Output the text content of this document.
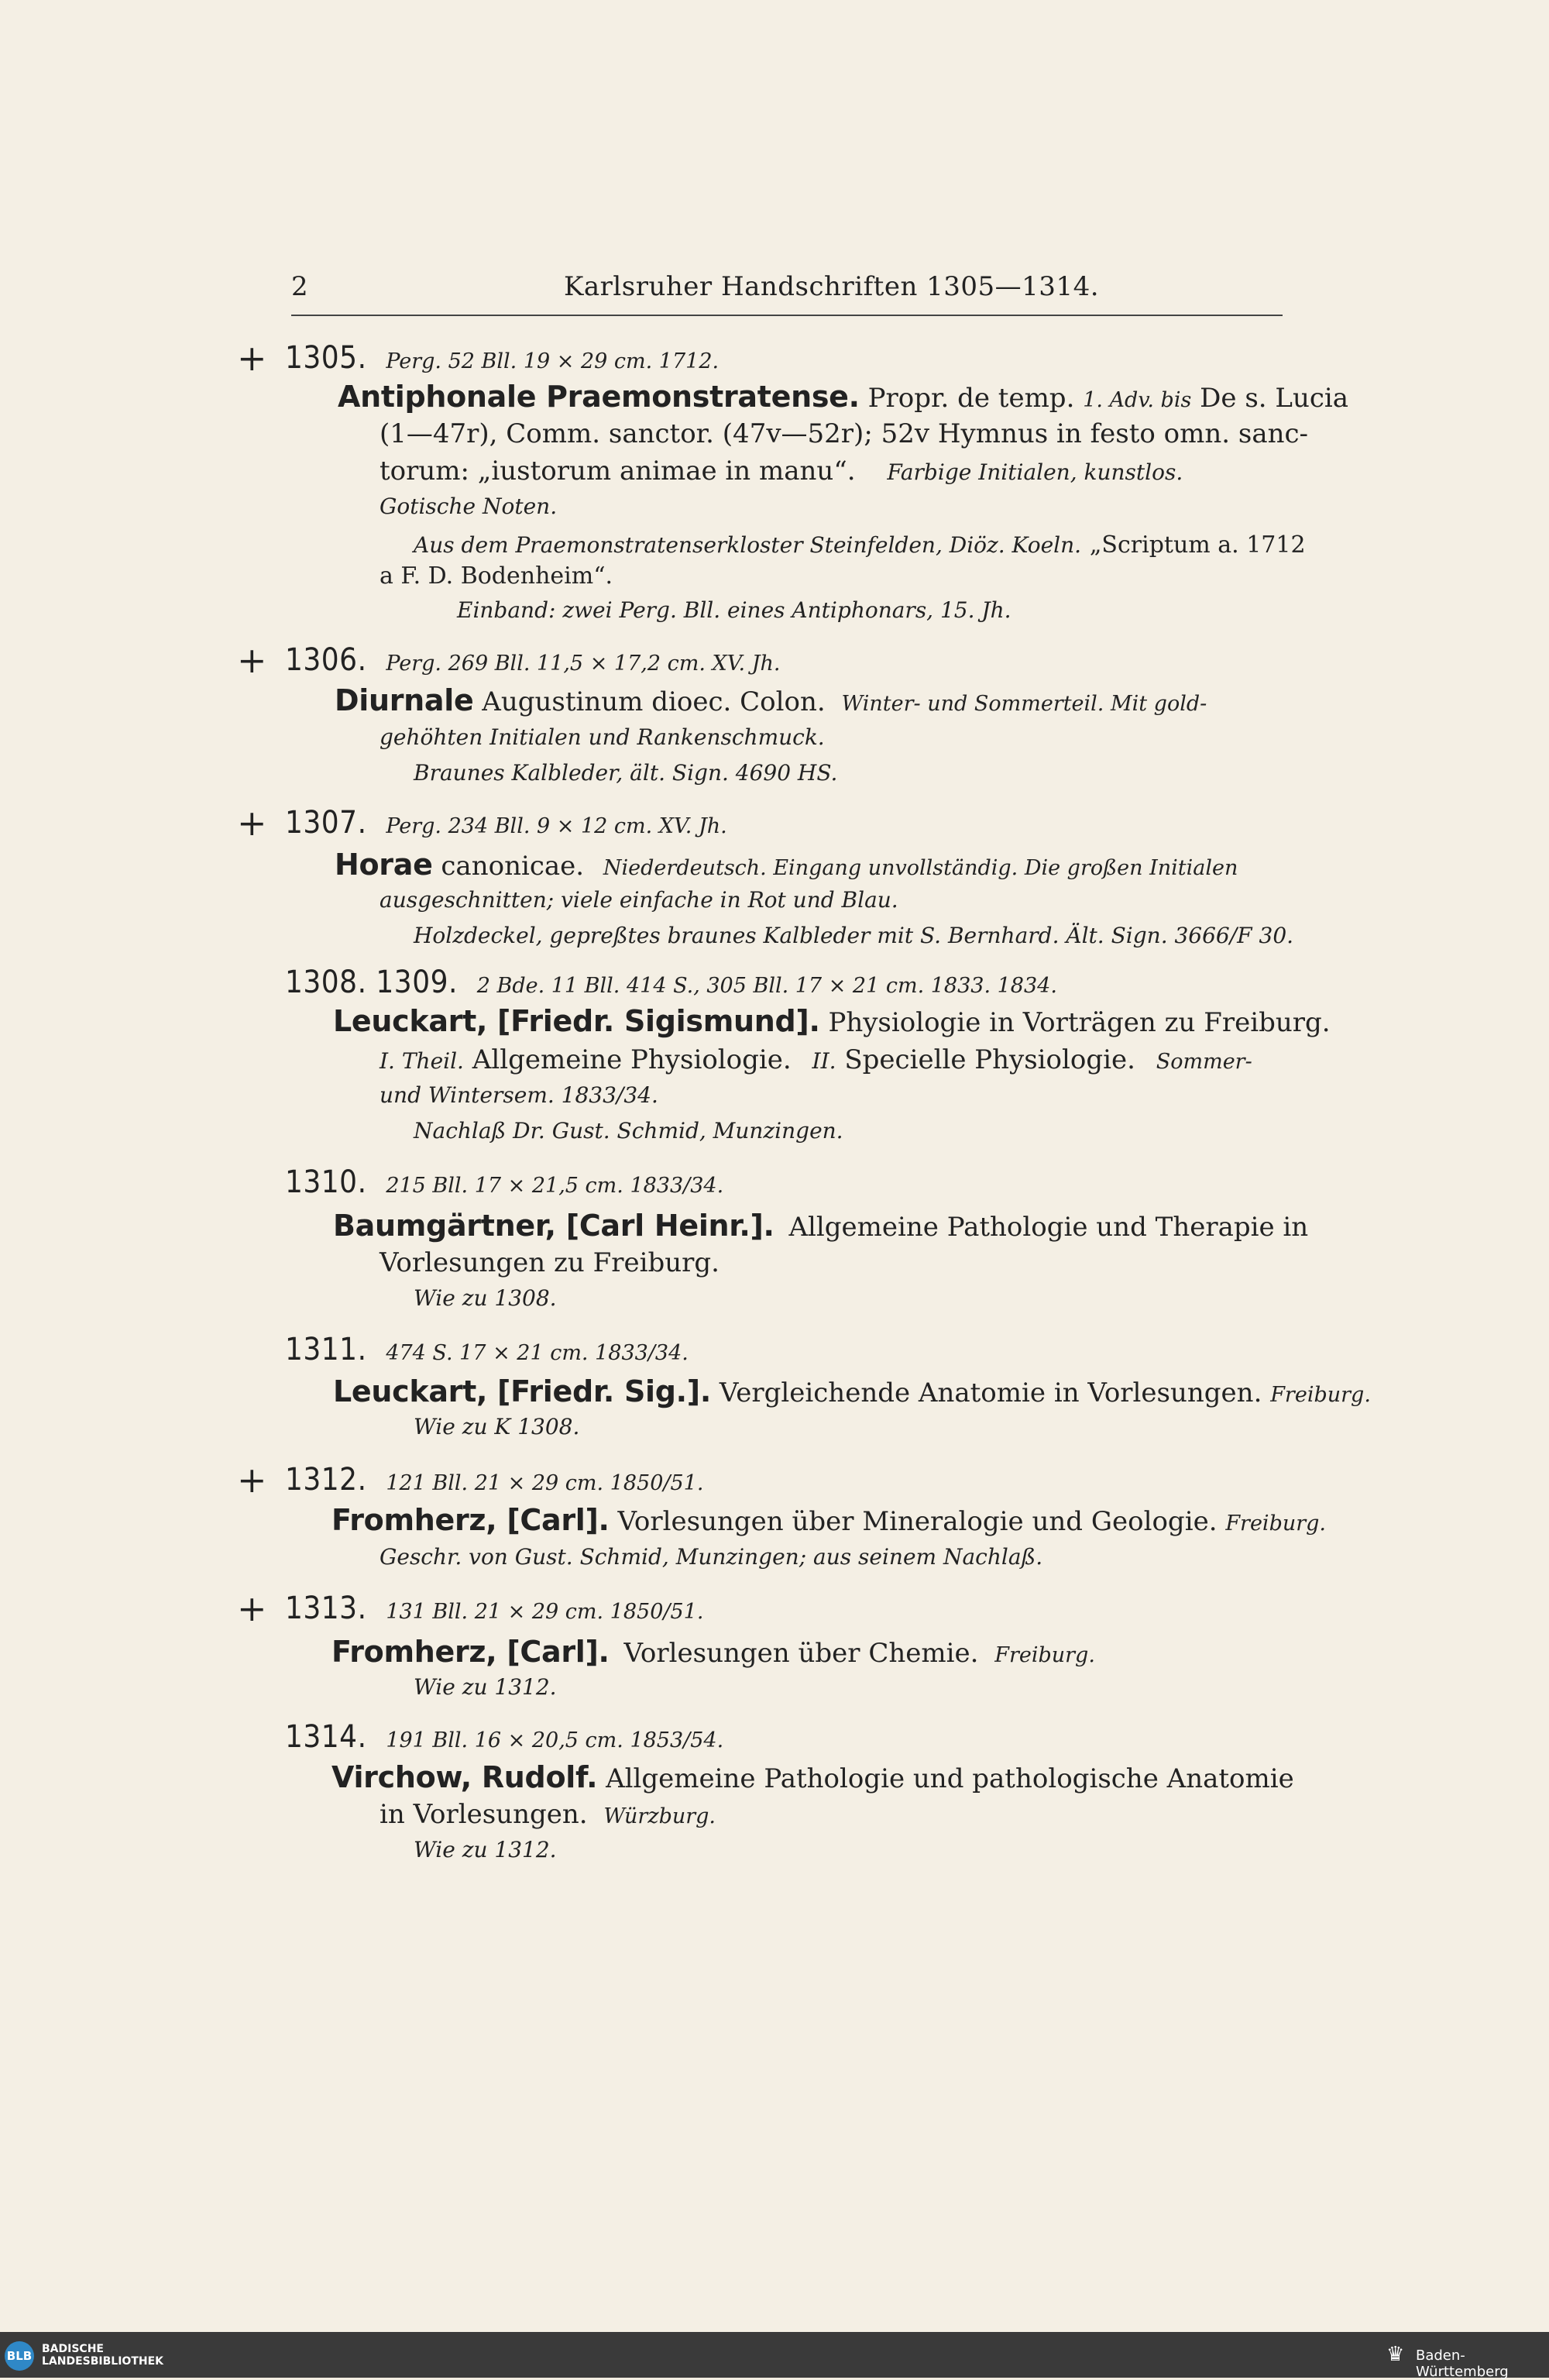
2	Karlsruher Handschriften 1305—1314.
+ 1305. Perg. 52 Bll. 19 ⨯ 29 cm. 1712.
Antiphonale Praemonstratense. Propr. de temp. 1. Adv. bis De s. Lucia
(1—47r), Comm. sanctor. (47v—52r); 52v Hymnus in festo omn. sanc-
torum: „iustorum animae in manu“. Farbige Initialen, kunstlos.
Gotische Noten.
Aus dem Praemonstratenserkloster Steinfelden, Diöz. Koeln. „Scriptum a. 1712
a F. D. Bodenheim“.
Einband: zwei Perg. Bll. eines Antiphonars, 15. Jh.
+ 1306. Perg. 269 Bll. 11,5 ⨯ 17,2 cm. XV. Jh.
Diurnale Augustinum dioec. Colon. Winter- und Sommerteil. Mit gold-
gehöhten Initialen und Rankenschmuck.
Braunes Kalbleder, ält. Sign. 4690 HS.
+ 1307. Perg. 234 Bll. 9 ⨯ 12 cm. XV. Jh.
Horae canonicae. Niederdeutsch. Eingang unvollständig. Die großen Initialen
ausgeschnitten; viele einfache in Rot und Blau.
Holzdeckel, gepreßtes braunes Kalbleder mit S. Bernhard. Ält. Sign. 3666/F 30.
1308. 1309. 2 Bde. 11 Bll. 414 S., 305 Bll. 17 ⨯ 21 cm. 1833. 1834.
Leuckart, [Friedr. Sigismund]. Physiologie in Vorträgen zu Freiburg.
I. Theil. Allgemeine Physiologie. II. Specielle Physiologie. Sommer-
und Wintersem. 1833/34.
Nachlaß Dr. Gust. Schmid, Munzingen.
1310. 215 Bll. 17 ⨯ 21,5 cm. 1833/34.
Baumgärtner, [Carl Heinr.]. Allgemeine Pathologie und Therapie in
Vorlesungen zu Freiburg.
Wie zu 1308.
1311. 474 S. 17 ⨯ 21 cm. 1833/34.
Leuckart, [Friedr. Sig.]. Vergleichende Anatomie in Vorlesungen. Freiburg.
Wie zu K 1308.
+ 1312. 121 Bll. 21 ⨯ 29 cm. 1850/51.
Fromherz, [Carl]. Vorlesungen über Mineralogie und Geologie. Freiburg.
Geschr. von Gust. Schmid, Munzingen; aus seinem Nachlaß.
+ 1313. 131 Bll. 21 ⨯ 29 cm. 1850/51.
Fromherz, [Carl]. Vorlesungen über Chemie. Freiburg.
Wie zu 1312.
1314. 191 Bll. 16 ⨯ 20,5 cm. 1853/54.
Virchow, Rudolf. Allgemeine Pathologie und pathologische Anatomie
in Vorlesungen. Würzburg.
Wie zu 1312.
BLB BADISCHE
LANDESBIBLIOTHEK	♛ Baden-Württemberg
